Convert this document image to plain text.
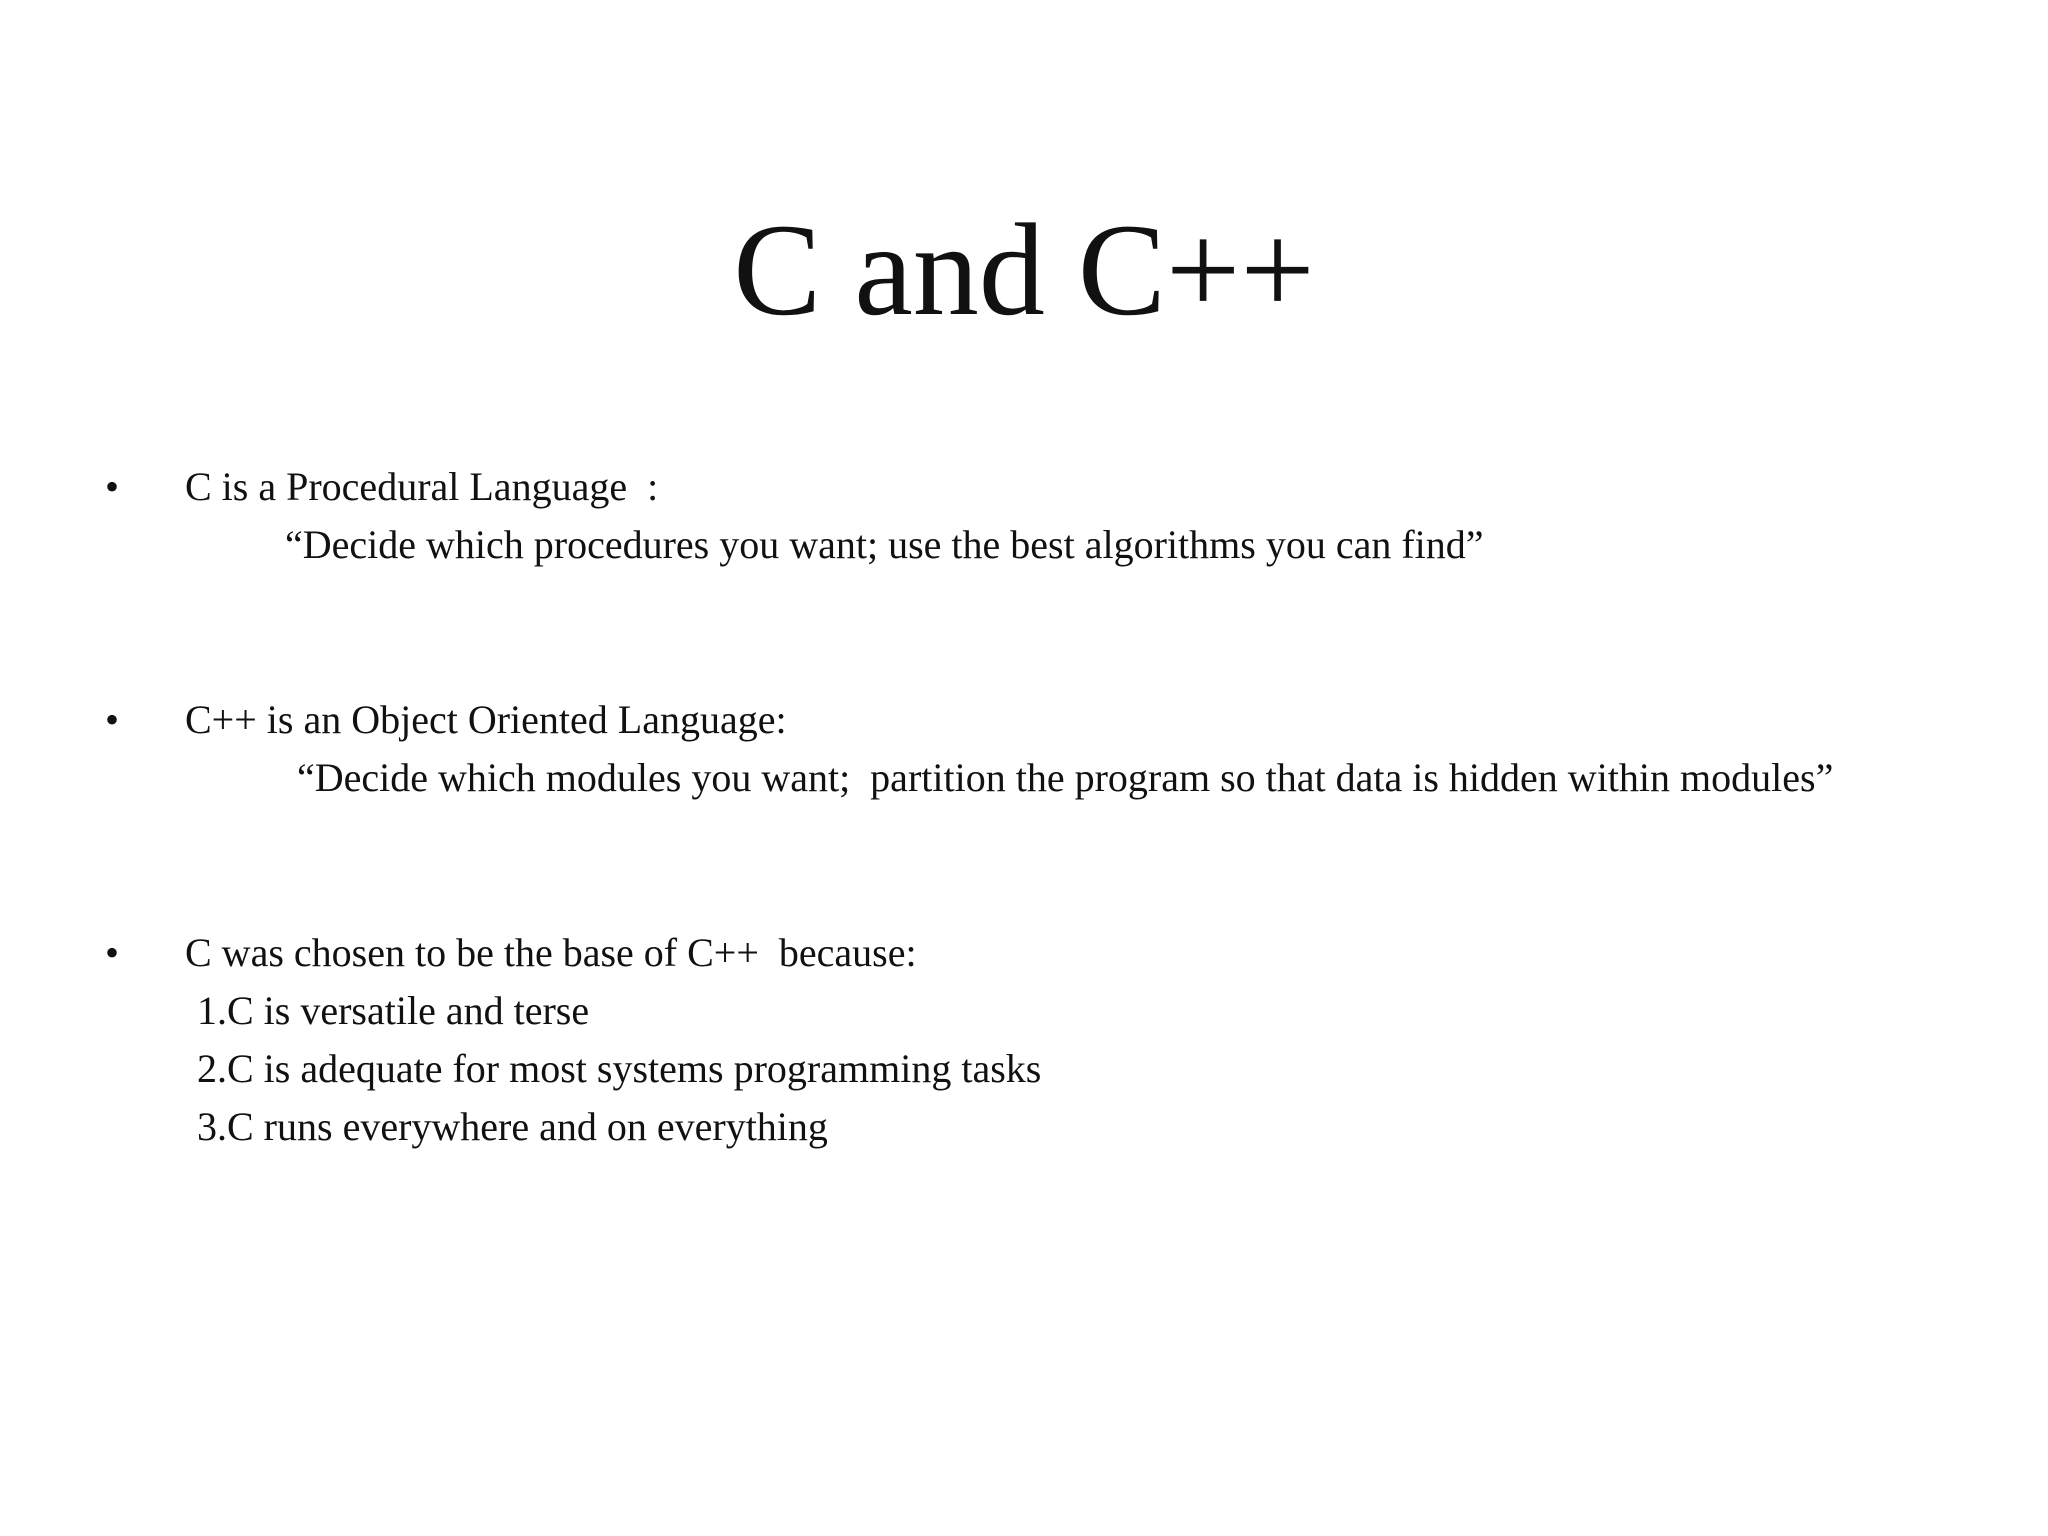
C and C++
• C is a Procedural Language  :
“Decide which procedures you want; use the best algorithms you can find”
• C++ is an Object Oriented Language:
“Decide which modules you want;  partition the program so that data is hidden within modules”
• C was chosen to be the base of C++  because:
1.C is versatile and terse
2.C is adequate for most systems programming tasks
3.C runs everywhere and on everything
